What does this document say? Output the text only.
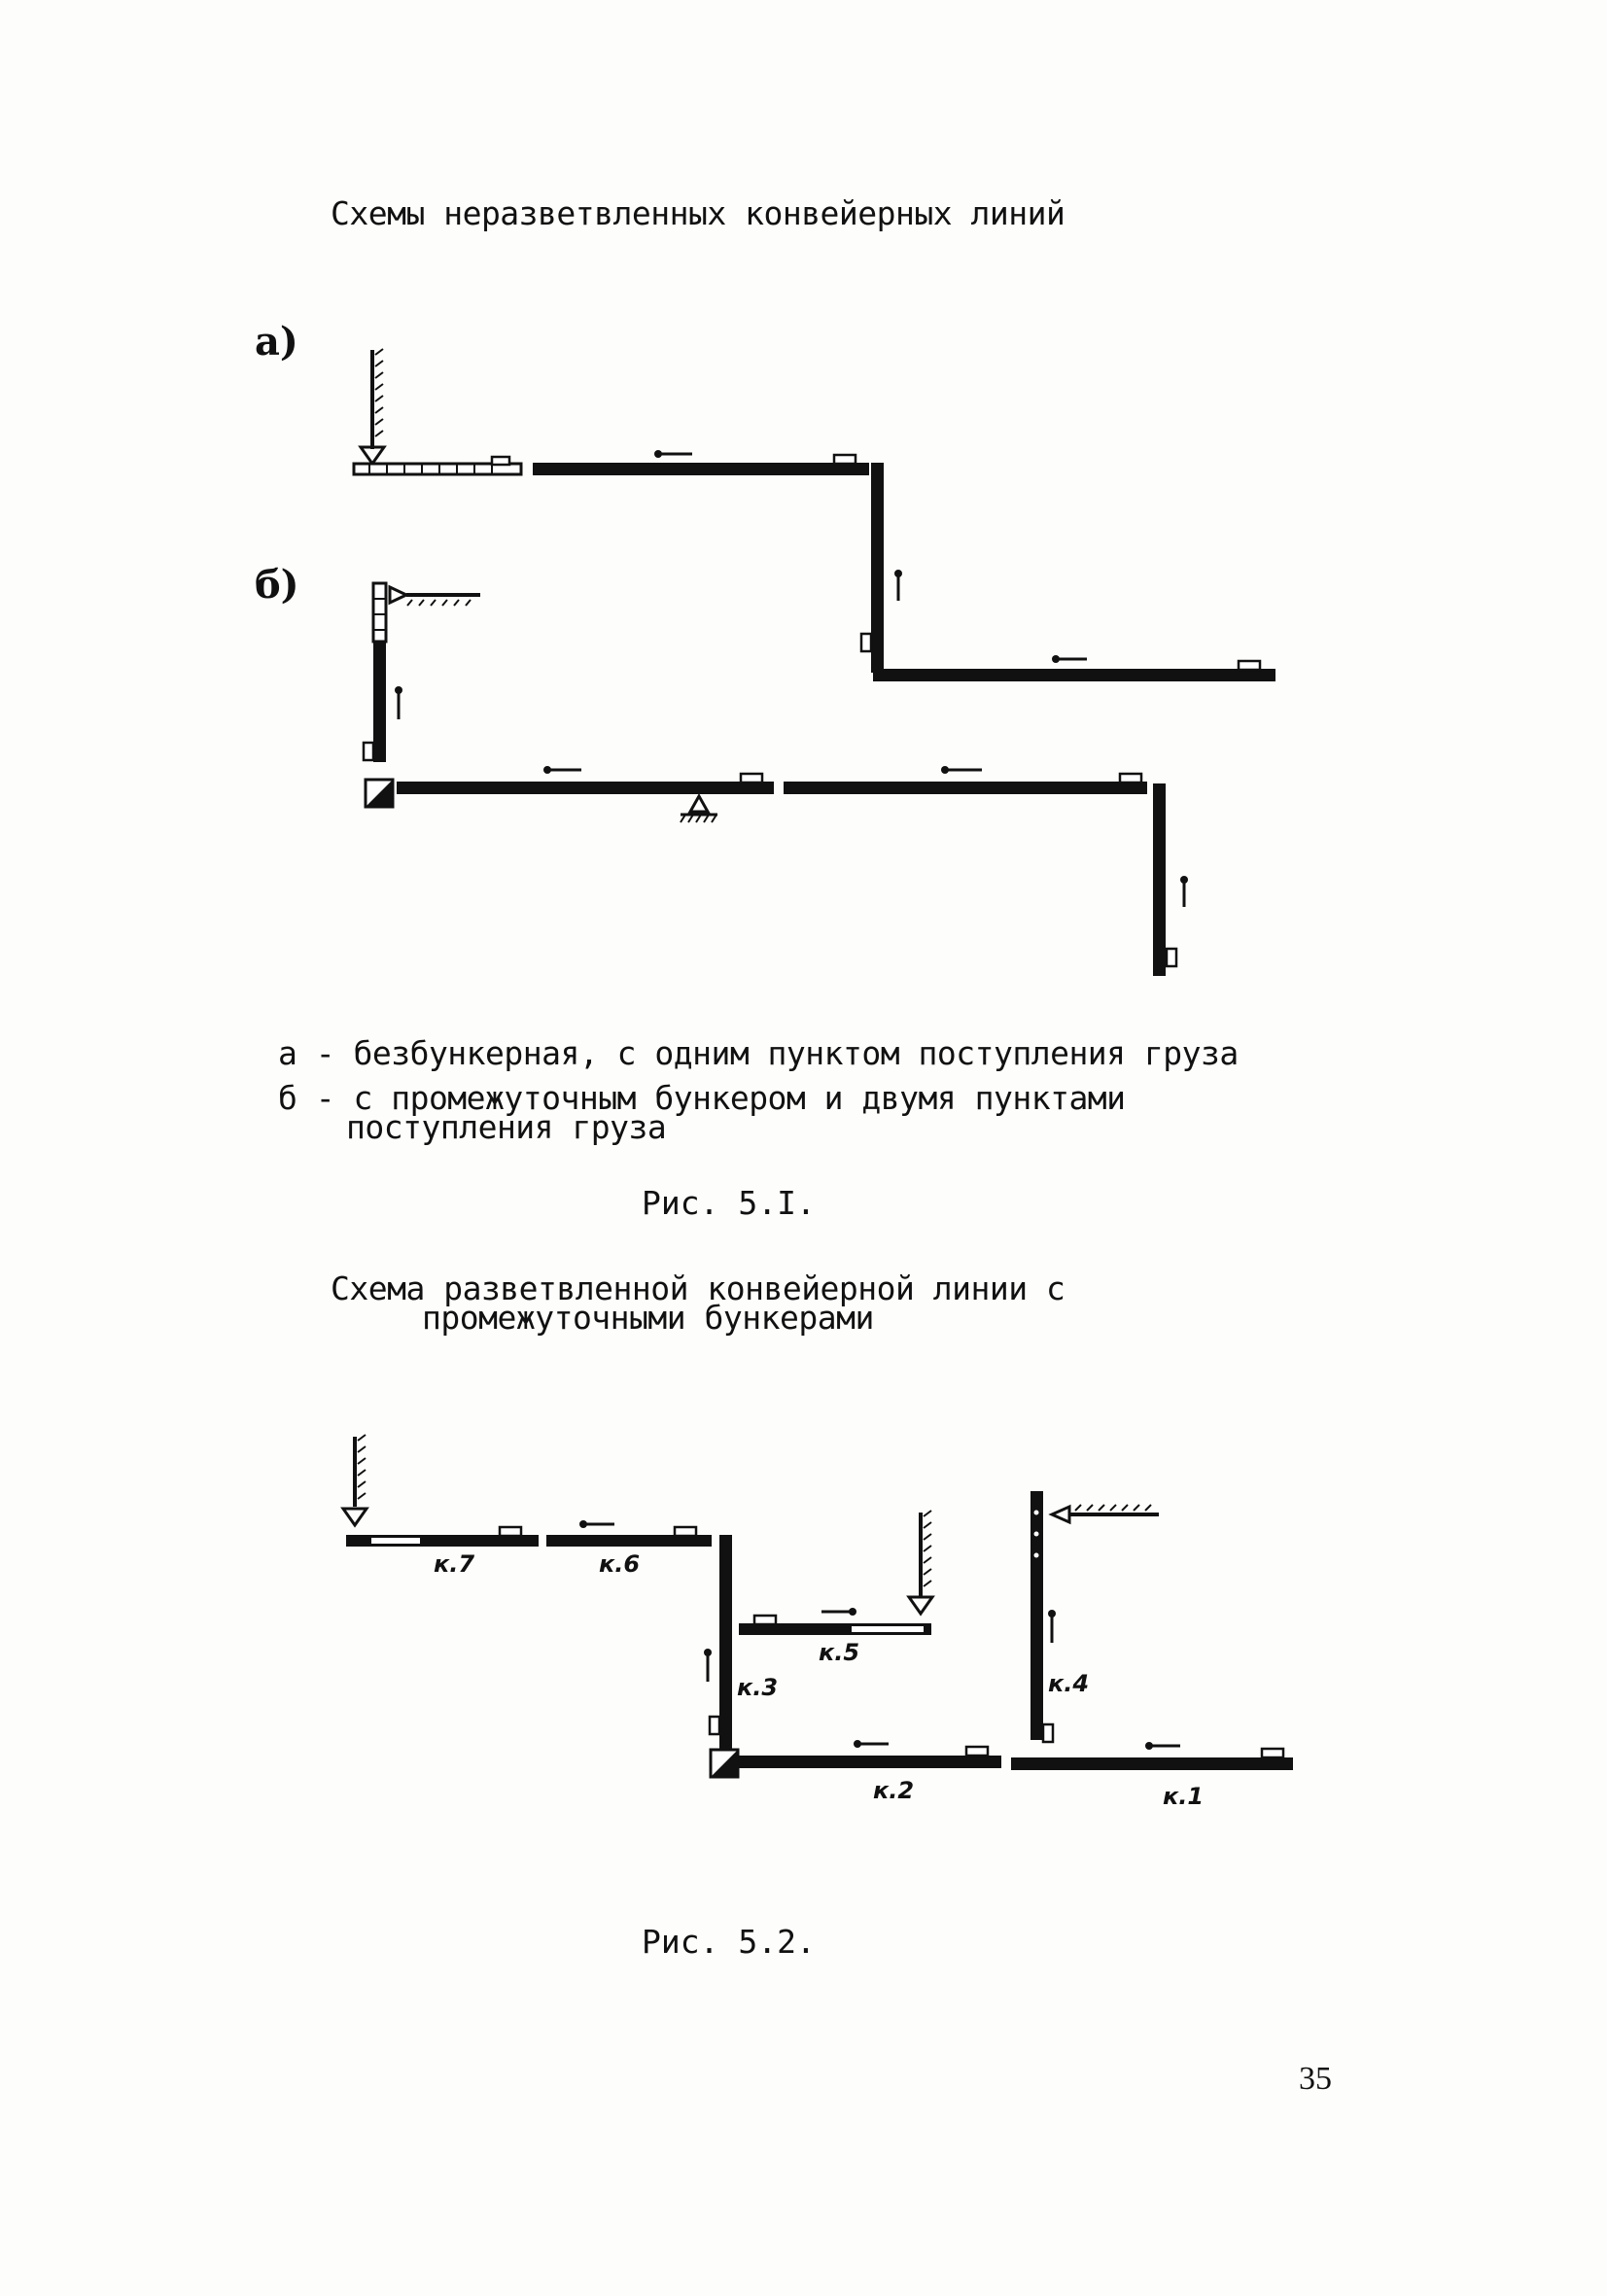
Схемы неразветвленных конвейерных линий
а)
б)
к.7	к.6
к.5
к.3	к.4
к.2	к.1
а - безбункерная, с одним пунктом поступления груза
б - с промежуточным бункером и двумя пунктами
поступления груза
Рис. 5.I.
Схема разветвленной конвейерной линии с
промежуточными бункерами
Рис. 5.2.
35
